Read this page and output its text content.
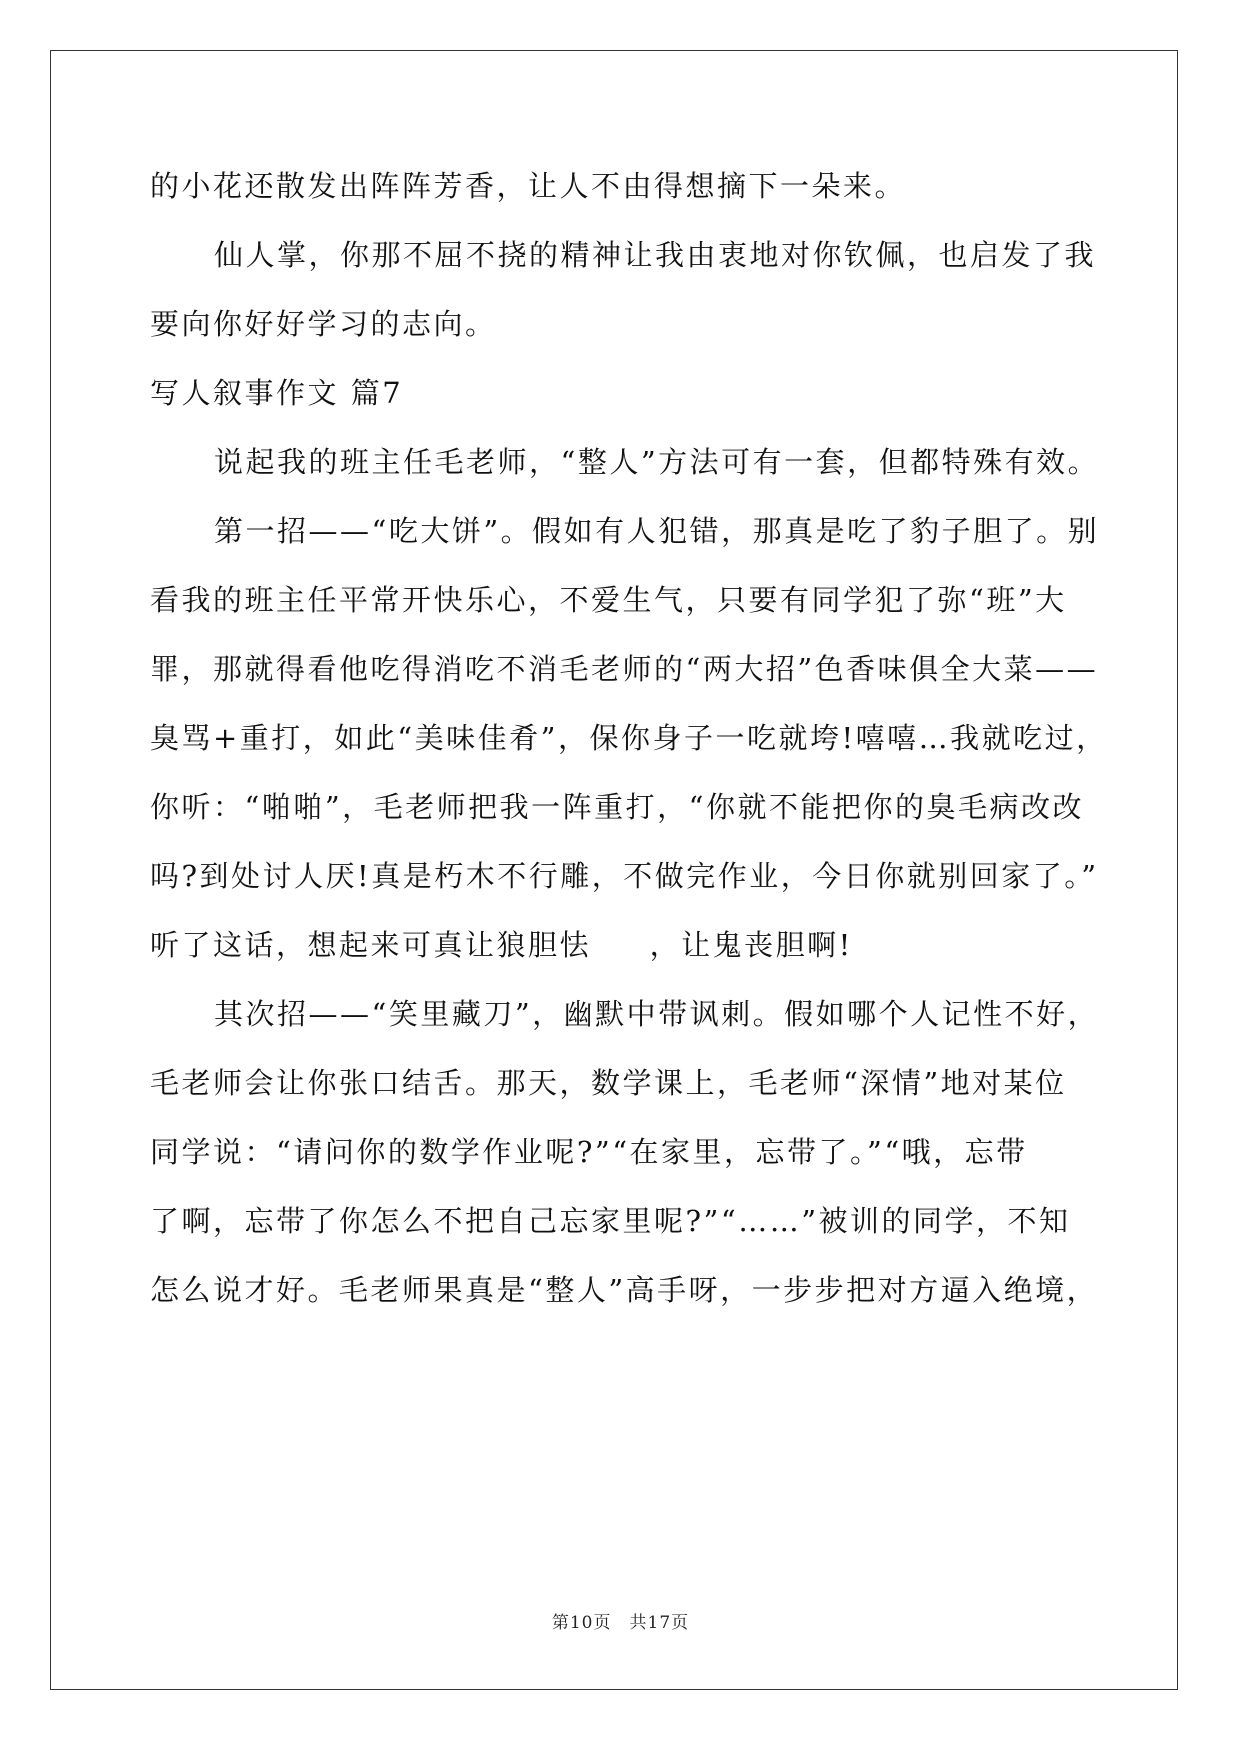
的小花还散发出阵阵芳香，让人不由得想摘下一朵来。
仙人掌，你那不屈不挠的精神让我由衷地对你钦佩，也启发了我
要向你好好学习的志向。
写人叙事作文 篇7
说起我的班主任毛老师，“整人”方法可有一套，但都特殊有效。
第一招——“吃大饼”。假如有人犯错，那真是吃了豹子胆了。别
看我的班主任平常开快乐心，不爱生气，只要有同学犯了弥“班”大
罪，那就得看他吃得消吃不消毛老师的“两大招”色香味俱全大菜——
臭骂+重打，如此“美味佳肴”，保你身子一吃就垮!嘻嘻…我就吃过，
你听：“啪啪”，毛老师把我一阵重打，“你就不能把你的臭毛病改改
吗?到处讨人厌!真是朽木不行雕，不做完作业，今日你就别回家了。”
听了这话，想起来可真让狼胆怯     ，让鬼丧胆啊!
其次招——“笑里藏刀”，幽默中带讽刺。假如哪个人记性不好，
毛老师会让你张口结舌。那天，数学课上，毛老师“深情”地对某位
同学说：“请问你的数学作业呢?”“在家里，忘带了。”“哦，忘带
了啊，忘带了你怎么不把自己忘家里呢?”“……”被训的同学，不知
怎么说才好。毛老师果真是“整人”高手呀，一步步把对方逼入绝境，
第10页 共17页
